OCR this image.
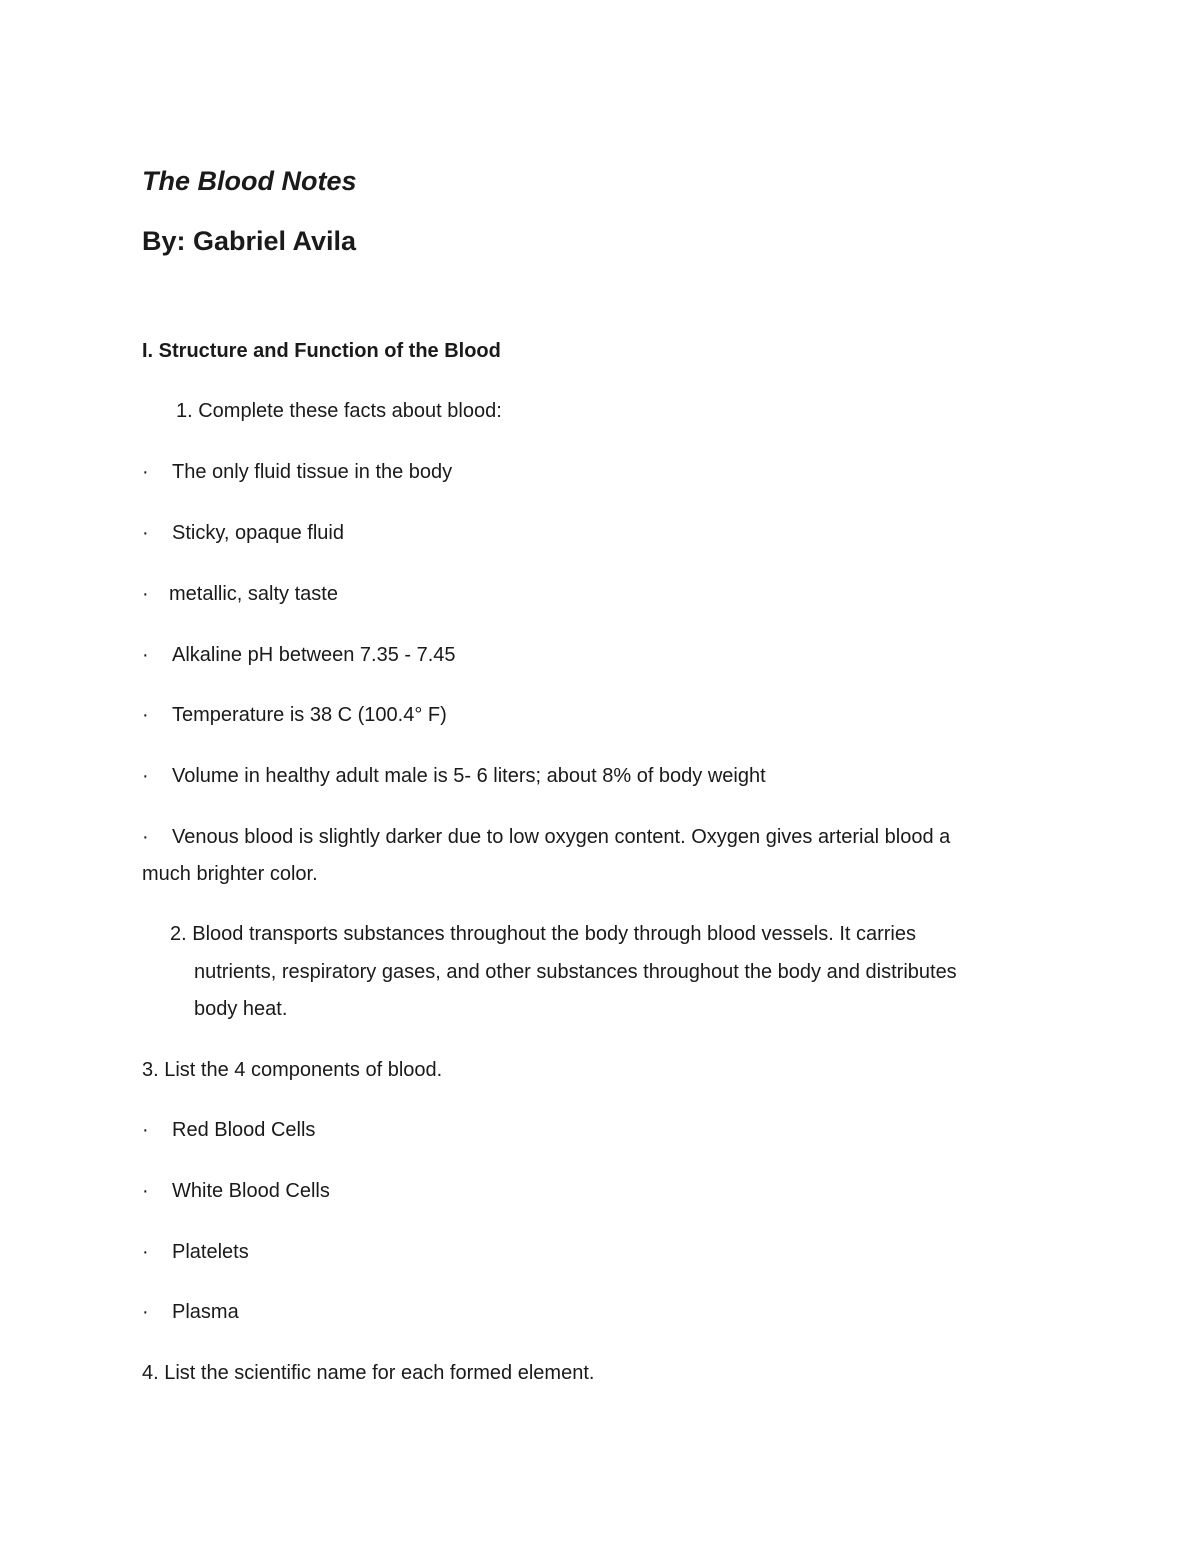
The Blood Notes
By: Gabriel Avila
I. Structure and Function of the Blood
1. Complete these facts about blood:
· The only fluid tissue in the body
· Sticky, opaque fluid
· metallic, salty taste
· Alkaline pH between 7.35 - 7.45
· Temperature is 38 C (100.4° F)
· Volume in healthy adult male is 5- 6 liters; about 8% of body weight
· Venous blood is slightly darker due to low oxygen content. Oxygen gives arterial blood a
much brighter color.
2. Blood transports substances throughout the body through blood vessels. It carries
nutrients, respiratory gases, and other substances throughout the body and distributes
body heat.
3. List the 4 components of blood.
· Red Blood Cells
· White Blood Cells
· Platelets
· Plasma
4. List the scientific name for each formed element.
